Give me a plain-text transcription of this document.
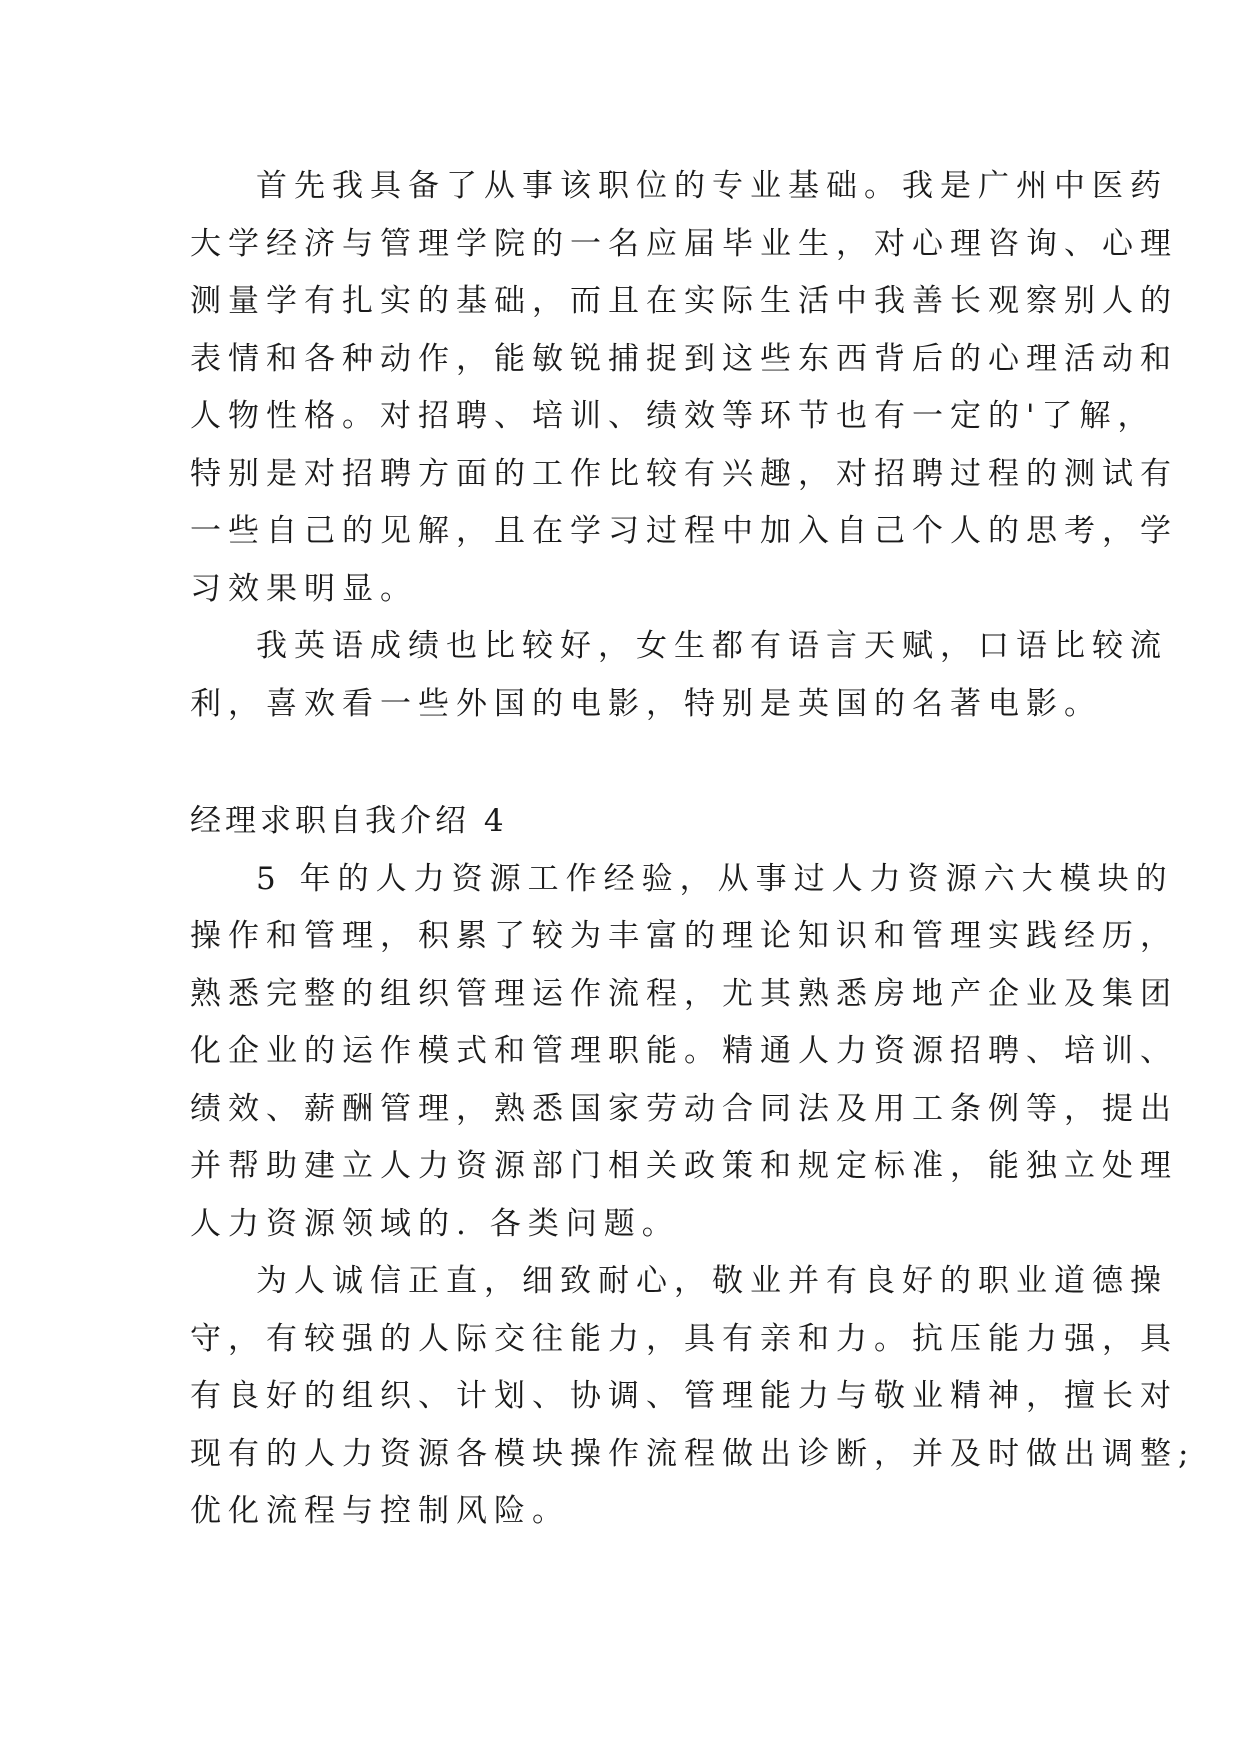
首先我具备了从事该职位的专业基础。我是广州中医药
大学经济与管理学院的一名应届毕业生，对心理咨询、心理
测量学有扎实的基础，而且在实际生活中我善长观察别人的
表情和各种动作，能敏锐捕捉到这些东西背后的心理活动和
人物性格。对招聘、培训、绩效等环节也有一定的'了解，
特别是对招聘方面的工作比较有兴趣，对招聘过程的测试有
一些自己的见解，且在学习过程中加入自己个人的思考，学
习效果明显。
我英语成绩也比较好，女生都有语言天赋，口语比较流
利，喜欢看一些外国的电影，特别是英国的名著电影。
经理求职自我介绍 4
5 年的人力资源工作经验，从事过人力资源六大模块的
操作和管理，积累了较为丰富的理论知识和管理实践经历，
熟悉完整的组织管理运作流程，尤其熟悉房地产企业及集团
化企业的运作模式和管理职能。精通人力资源招聘、培训、
绩效、薪酬管理，熟悉国家劳动合同法及用工条例等，提出
并帮助建立人力资源部门相关政策和规定标准，能独立处理
人力资源领域的. 各类问题。
为人诚信正直，细致耐心，敬业并有良好的职业道德操
守，有较强的人际交往能力，具有亲和力。抗压能力强，具
有良好的组织、计划、协调、管理能力与敬业精神，擅长对
现有的人力资源各模块操作流程做出诊断，并及时做出调整;
优化流程与控制风险。
